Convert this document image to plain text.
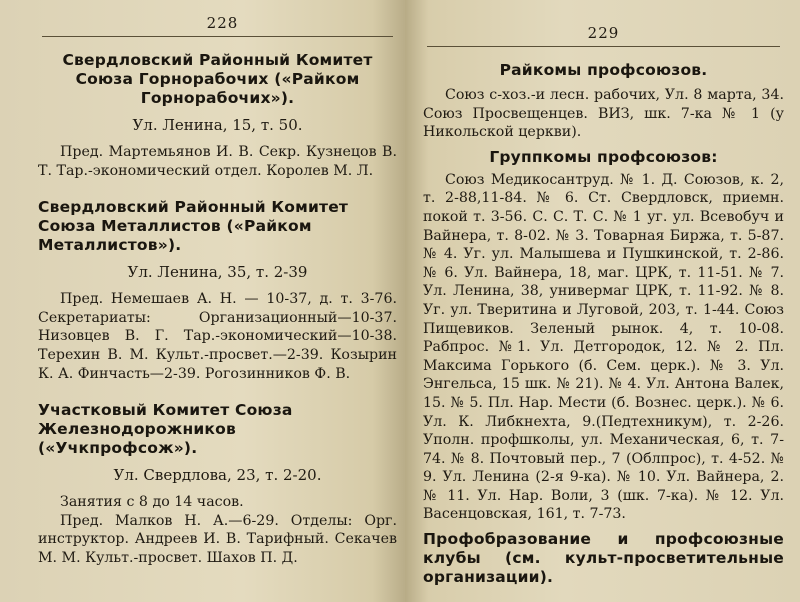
228

Свердловский Районный Комитет Союза Горнорабочих («Райком Горнорабочих»).

Ул. Ленина, 15, т. 50.

Пред. Мартемьянов И. В. Секр. Кузнецов В. Т. Тар.-экономический отдел. Королев М. Л.

Свердловский Районный Комитет Союза Металлистов («Райком Металлистов»).

Ул. Ленина, 35, т. 2-39

Пред. Немешаев А. Н. — 10-37, д. т. 3-76. Секретариаты: Организационный—10-37. Низовцев В. Г. Тар.-экономический—10-38. Терехин В. М. Культ.-просвет.—2-39. Козырин К. А. Финчасть—2-39. Рогозинников Ф. В.

Участковый Комитет Союза Железнодорожников («Учкпрофсож»).

Ул. Свердлова, 23, т. 2-20.

Занятия с 8 до 14 часов.

Пред. Малков Н. А.—6-29. Отделы: Орг. инструктор. Андреев И. В. Тарифный. Секачев М. М. Культ.-просвет. Шахов П. Д.

229

Райкомы профсоюзов.

Союз с-хоз.-и лесн. рабочих, Ул. 8 марта, 34. Союз Просвещенцев. ВИЗ, шк. 7-ка № 1 (у Никольской церкви).

Группкомы профсоюзов:

Союз Медикосантруд. № 1. Д. Союзов, к. 2, т. 2-88,11-84. № 6. Ст. Свердловск, приемн. покой т. 3-56. С. С. Т. С. № 1 уг. ул. Всевобуч и Вайнера, т. 8-02. № 3. Товарная Биржа, т. 5-87. № 4. Уг. ул. Малышева и Пушкинской, т. 2-86. № 6. Ул. Вайнера, 18, маг. ЦРК, т. 11-51. № 7. Ул. Ленина, 38, универмаг ЦРК, т. 11-92. № 8. Уг. ул. Тверитина и Луговой, 203, т. 1-44. Союз Пищевиков. Зеленый рынок. 4, т. 10-08. Рабпрос. №1. Ул. Детгородок, 12. № 2. Пл. Максима Горького (б. Сем. церк.). № 3. Ул. Энгельса, 15 шк. № 21). № 4. Ул. Антона Валек, 15. № 5. Пл. Нар. Мести (б. Вознес. церк.). № 6. Ул. К. Либкнехта, 9.(Педтехникум), т. 2-26. Уполн. профшколы, ул. Механическая, 6, т. 7-74. № 8. Почтовый пер., 7 (Облпрос), т. 4-52. № 9. Ул. Ленина (2-я 9-ка). № 10. Ул. Вайнера, 2. № 11. Ул. Нар. Воли, 3 (шк. 7-ка). № 12. Ул. Васенцовская, 161, т. 7-73.

Профобразование и профсоюзные клубы (см. культ-просветительные организации).
